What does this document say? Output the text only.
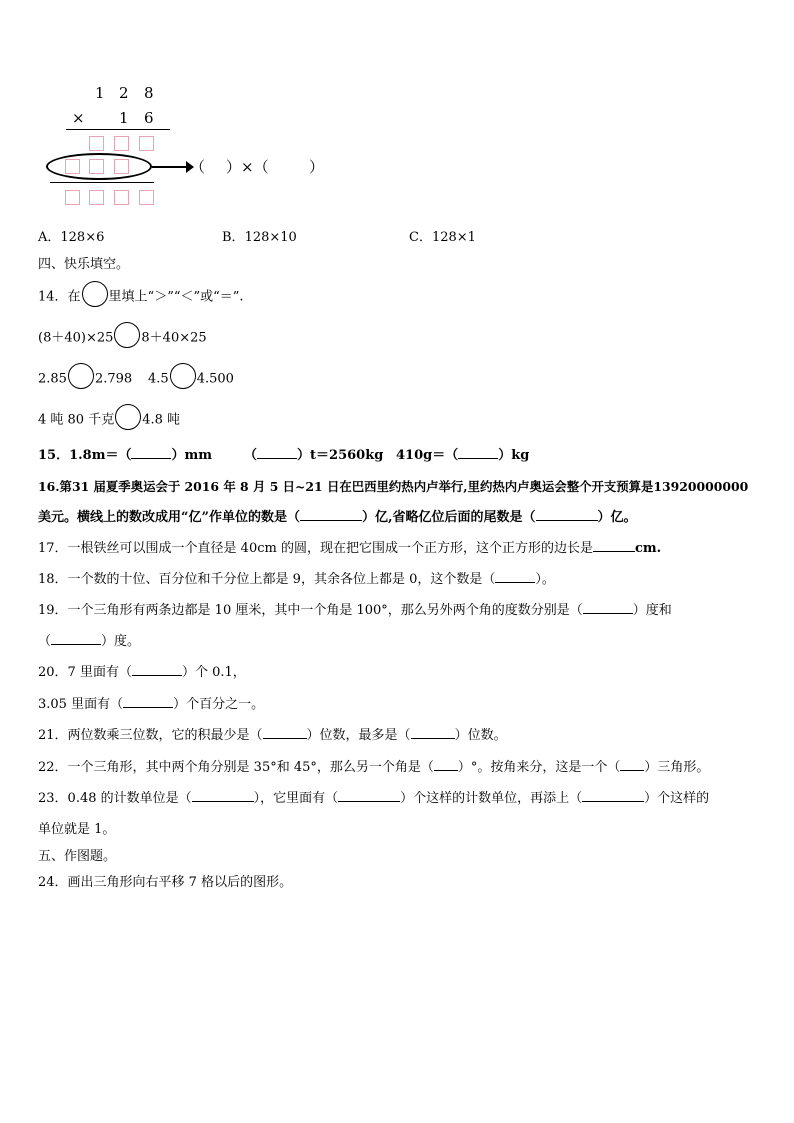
1 2 8
× 1 6
（ ）×（	）
A．128×6	B．128×10	C．128×1
四、快乐填空。
14．在 里填上“＞”“＜”或“＝”.
(8＋40)×25 8＋40×25
2.85 2.798 4.5 4.500
4 吨 80 千克 4.8 吨
15．1.8m＝（	）mm （	）t＝2560kg 410g＝（	）kg
16.第31 届夏季奥运会于 2016 年 8 月 5 日~21 日在巴西里约热内卢举行,里约热内卢奥运会整个开支预算是13920000000
美元。横线上的数改成用“亿”作单位的数是（	）亿,省略亿位后面的尾数是（	）亿。
17．一根铁丝可以围成一个直径是 40cm 的圆，现在把它围成一个正方形，这个正方形的边长是	cm.
18．一个数的十位、百分位和千分位上都是 9，其余各位上都是 0，这个数是（	）。
19．一个三角形有两条边都是 10 厘米，其中一个角是 100°，那么另外两个角的度数分别是（	）度和
（	）度。
20．7 里面有（	）个 0.1，
3.05 里面有（	）个百分之一。
21．两位数乘三位数，它的积最少是（	）位数，最多是（	）位数。
22．一个三角形，其中两个角分别是 35°和 45°，那么另一个角是（ ）°。按角来分，这是一个（ ）三角形。
23．0.48 的计数单位是（	），它里面有（	）个这样的计数单位，再添上（	）个这样的
单位就是 1。
五、作图题。
24．画出三角形向右平移 7 格以后的图形。
